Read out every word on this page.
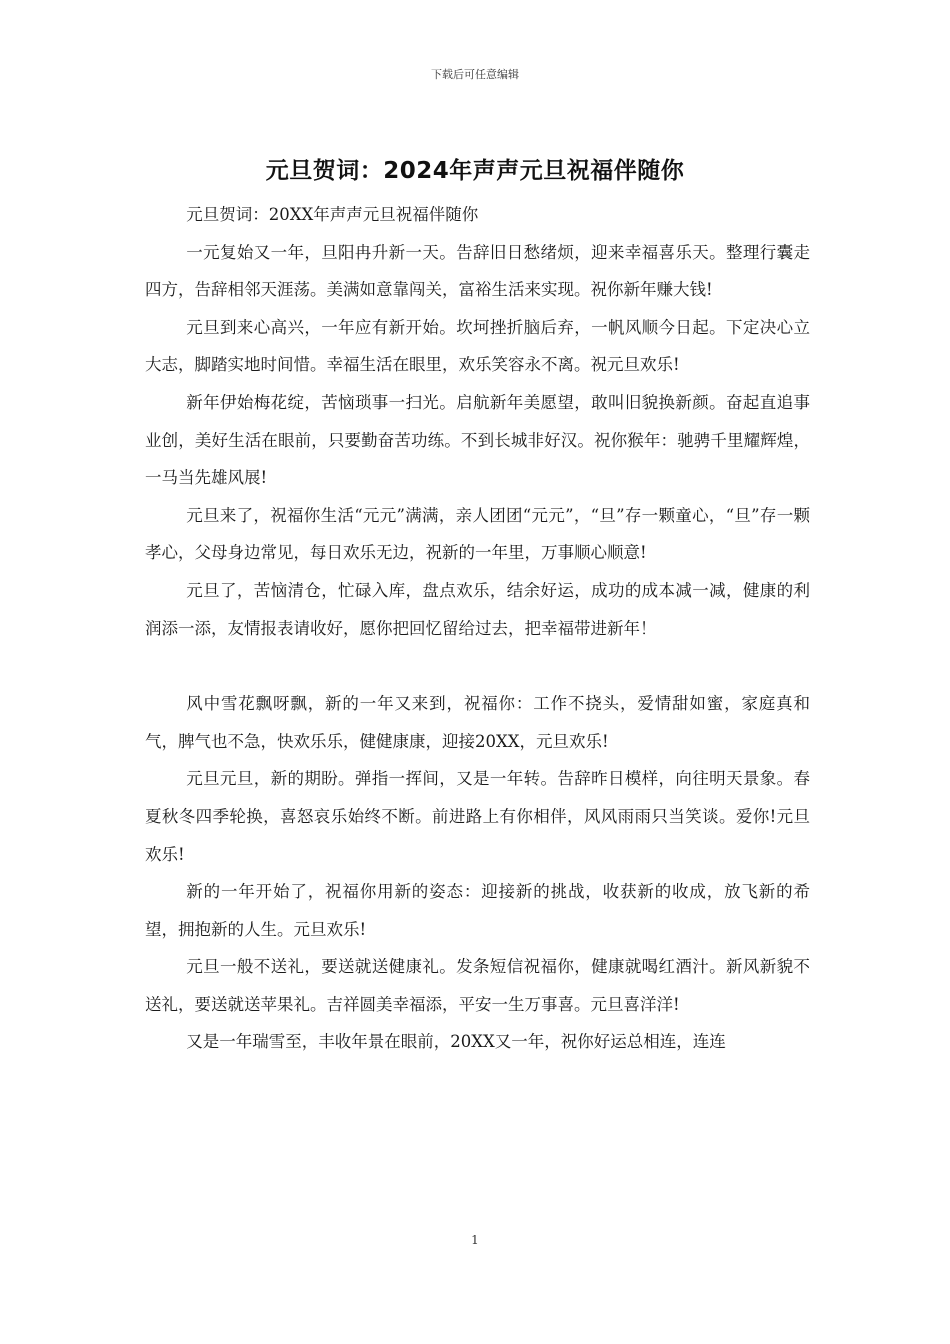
下载后可任意编辑
元旦贺词：2024年声声元旦祝福伴随你

元旦贺词：20XX年声声元旦祝福伴随你

一元复始又一年，旦阳冉升新一天。告辞旧日愁绪烦，迎来幸福喜乐天。整理行囊走四方，告辞相邻天涯荡。美满如意靠闯关，富裕生活来实现。祝你新年赚大钱!

元旦到来心高兴，一年应有新开始。坎坷挫折脑后弃，一帆风顺今日起。下定决心立大志，脚踏实地时间惜。幸福生活在眼里，欢乐笑容永不离。祝元旦欢乐!

新年伊始梅花绽，苦恼琐事一扫光。启航新年美愿望，敢叫旧貌换新颜。奋起直追事业创，美好生活在眼前，只要勤奋苦功练。不到长城非好汉。祝你猴年：驰骋千里耀辉煌，一马当先雄风展!

元旦来了，祝福你生活“元元”满满，亲人团团“元元”，“旦”存一颗童心，“旦”存一颗孝心，父母身边常见，每日欢乐无边，祝新的一年里，万事顺心顺意!

元旦了，苦恼清仓，忙碌入库，盘点欢乐，结余好运，成功的成本减一减，健康的利润添一添，友情报表请收好，愿你把回忆留给过去，把幸福带进新年！

风中雪花飘呀飘，新的一年又来到，祝福你：工作不挠头，爱情甜如蜜，家庭真和气，脾气也不急，快欢乐乐，健健康康，迎接20XX，元旦欢乐!

元旦元旦，新的期盼。弹指一挥间，又是一年转。告辞昨日模样，向往明天景象。春夏秋冬四季轮换，喜怒哀乐始终不断。前进路上有你相伴，风风雨雨只当笑谈。爱你!元旦欢乐!

新的一年开始了，祝福你用新的姿态：迎接新的挑战，收获新的收成，放飞新的希望，拥抱新的人生。元旦欢乐!

元旦一般不送礼，要送就送健康礼。发条短信祝福你，健康就喝红酒汁。新风新貌不送礼，要送就送苹果礼。吉祥圆美幸福添，平安一生万事喜。元旦喜洋洋!

又是一年瑞雪至，丰收年景在眼前，20XX又一年，祝你好运总相连，连连

1
